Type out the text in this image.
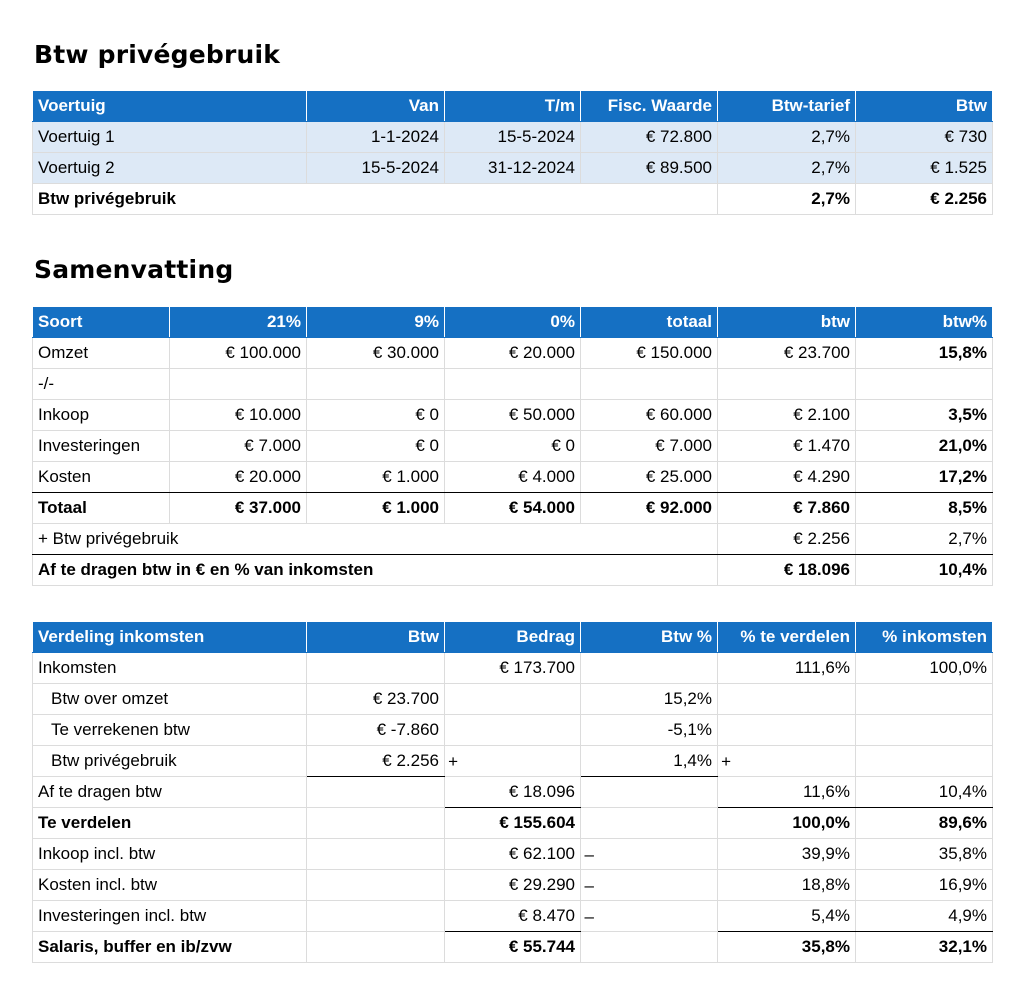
Btw privégebruik
Voertuig	Van	T/m	Fisc. Waarde	Btw-tarief	Btw
Voertuig 1	1-1-2024	15-5-2024	€ 72.800	2,7%	€ 730
Voertuig 2	15-5-2024	31-12-2024	€ 89.500	2,7%	€ 1.525
Btw privégebruik				2,7%	€ 2.256
Samenvatting
Soort	21%	9%	0%	totaal	btw	btw%
Omzet	€ 100.000	€ 30.000	€ 20.000	€ 150.000	€ 23.700	15,8%
-/-						
Inkoop	€ 10.000	€ 0	€ 50.000	€ 60.000	€ 2.100	3,5%
Investeringen	€ 7.000	€ 0	€ 0	€ 7.000	€ 1.470	21,0%
Kosten	€ 20.000	€ 1.000	€ 4.000	€ 25.000	€ 4.290	17,2%
Totaal	€ 37.000	€ 1.000	€ 54.000	€ 92.000	€ 7.860	8,5%
+ Btw privégebruik					€ 2.256	2,7%
Af te dragen btw in € en % van inkomsten					€ 18.096	10,4%
Verdeling inkomsten	Btw	Bedrag	Btw %	% te verdelen	% inkomsten
Inkomsten		€ 173.700		111,6%	100,0%
Btw over omzet	€ 23.700		15,2%		
Te verrekenen btw	€ -7.860		-5,1%		
Btw privégebruik	€ 2.256 +		1,4% +		

Af te dragen btw		€ 18.096		11,6%	10,4%
Te verdelen		€ 155.604		100,0%	89,6%
Inkoop incl. btw		€ 62.100 –		39,9%	35,8%
Kosten incl. btw		€ 29.290 –		18,8%	16,9%
Investeringen incl. btw		€ 8.470 –		5,4%	4,9%
Salaris, buffer en ib/zvw		€ 55.744		35,8%	32,1%
